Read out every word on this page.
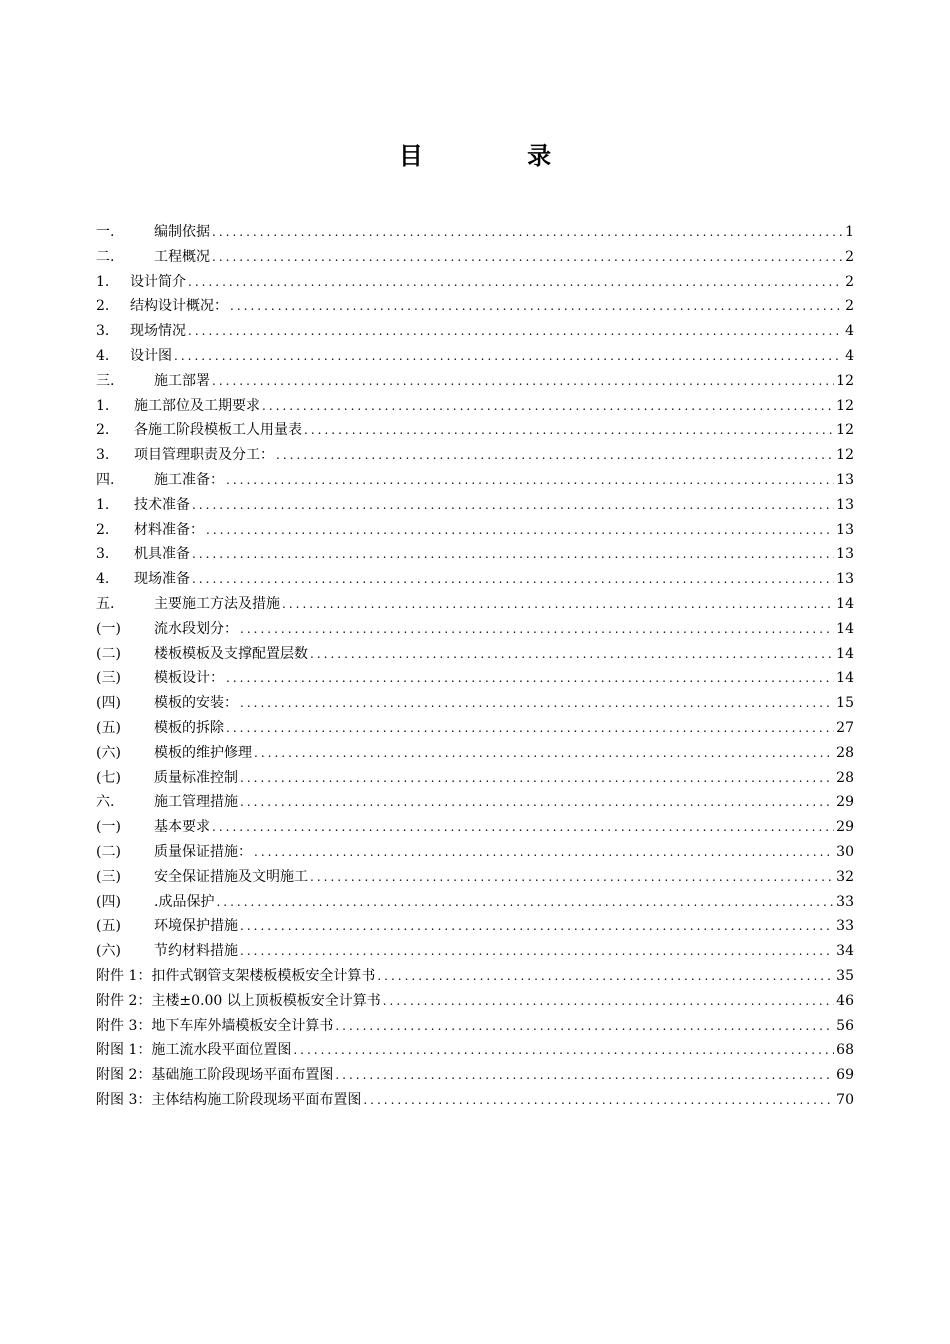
目 录
一.	编制依据 .....	1
二.	工程概况 .....	2
1.	设计简介 .....	2
2.	结构设计概况： .....	2
3.	现场情况 .....	4
4.	设计图 .....	4
三.	施工部署 .....	12
1.	施工部位及工期要求 .....	12
2.	各施工阶段模板工人用量表 .....	12
3.	项目管理职责及分工： .....	12
四.	施工准备： .....	13
1.	技术准备 .....	13
2.	材料准备： .....	13
3.	机具准备 .....	13
4.	现场准备 .....	13
五.	主要施工方法及措施 .....	14
(一)	流水段划分： .....	14
(二)	楼板模板及支撑配置层数 .....	14
(三)	模板设计： .....	14
(四)	模板的安装： .....	15
(五)	模板的拆除 .....	27
(六)	模板的维护修理 .....	28
(七)	质量标准控制 .....	28
六.	施工管理措施 .....	29
(一)	基本要求 .....	29
(二)	质量保证措施： .....	30
(三)	安全保证措施及文明施工 .....	32
(四)	.成品保护 .....	33
(五)	环境保护措施 .....	33
(六)	节约材料措施 .....	34
附件 1：扣件式钢管支架楼板模板安全计算书 .....	35
附件 2：主楼±0.00 以上顶板模板安全计算书 .....	46
附件 3：地下车库外墙模板安全计算书 .....	56
附图 1：施工流水段平面位置图 .....	68
附图 2：基础施工阶段现场平面布置图 .....	69
附图 3：主体结构施工阶段现场平面布置图 .....	70
